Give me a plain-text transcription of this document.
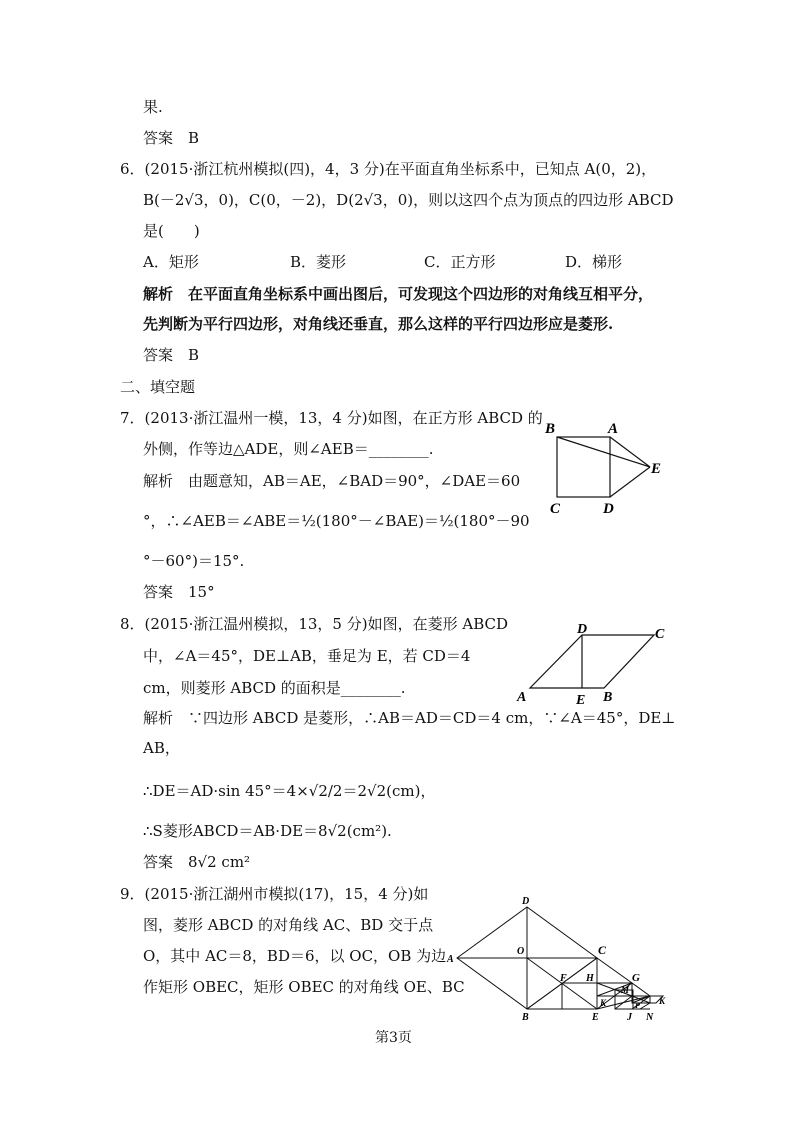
果.
答案　B
6．(2015·浙江杭州模拟(四)，4，3 分)在平面直角坐标系中，已知点 A(0，2)，
B(－2√3，0)，C(0，－2)，D(2√3，0)，则以这四个点为顶点的四边形 ABCD
是(　　)
A．矩形	B．菱形	C．正方形	D．梯形
解析　在平面直角坐标系中画出图后，可发现这个四边形的对角线互相平分，
先判断为平行四边形，对角线还垂直，那么这样的平行四边形应是菱形.
答案　B
二、填空题
7．(2013·浙江温州一模，13，4 分)如图，在正方形 ABCD 的
外侧，作等边△ADE，则∠AEB＝________.
解析　由题意知，AB＝AE，∠BAD＝90°，∠DAE＝60
°，∴∠AEB＝∠ABE＝½(180°－∠BAE)＝½(180°－90
°－60°)＝15°.
答案　15°
B	A
E
C	D
8．(2015·浙江温州模拟，13，5 分)如图，在菱形 ABCD
中，∠A＝45°，DE⊥AB，垂足为 E，若 CD＝4
cm，则菱形 ABCD 的面积是________.
解析　∵四边形 ABCD 是菱形，∴AB＝AD＝CD＝4 cm，∵∠A＝45°，DE⊥
AB，
∴DE＝AD·sin 45°＝4×√2/2＝2√2(cm)，
∴S菱形ABCD＝AB·DE＝8√2(cm²).
答案　8√2 cm²
D	C
A	E B
9．(2015·浙江湖州市模拟(17)，15，4 分)如
图，菱形 ABCD 的对角线 AC、BD 交于点
O，其中 AC＝8，BD＝6，以 OC，OB 为边
作矩形 OBEC，矩形 OBEC 的对角线 OE、BC
D
A
O	C
F H	G
M
K	P K
B	E	J N
第3页
